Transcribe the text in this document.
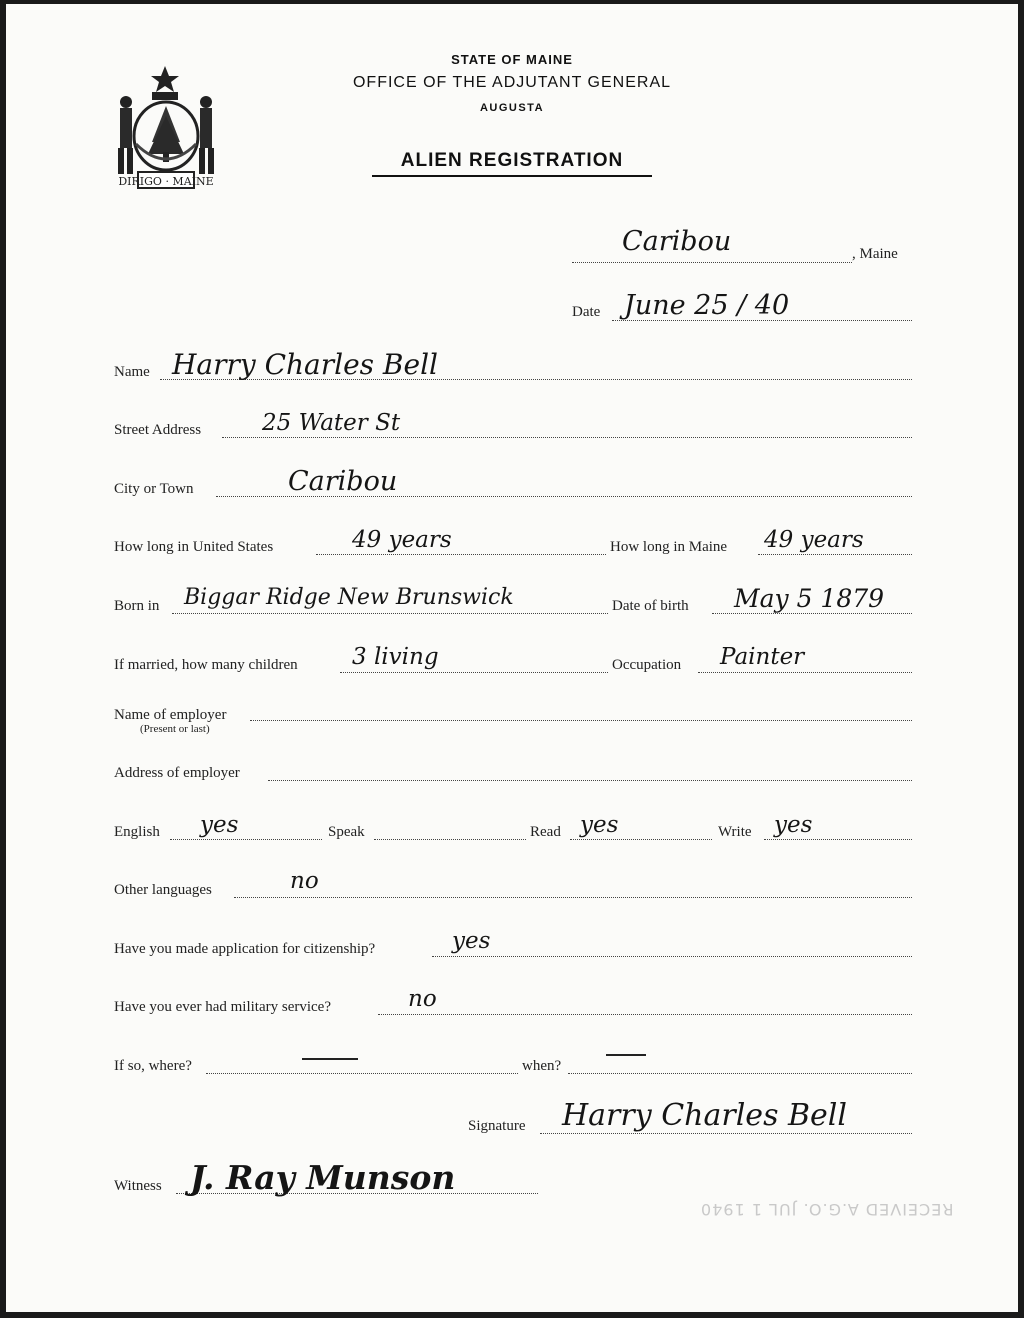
DIRIGO · MAINE
STATE OF MAINE
OFFICE OF THE ADJUTANT GENERAL
AUGUSTA
ALIEN REGISTRATION
Caribou	, Maine
Date June 25 / 40
Name Harry Charles Bell
Street Address	25 Water St
City or Town	Caribou
How long in United States	49 years	How long in Maine 49 years
Born in Biggar Ridge New Brunswick	Date of birth May 5 1879
If married, how many children 3 living	Occupation Painter
Name of employer
(Present or last)
Address of employer
English yes	Speak	Read yes	Write yes
Other languages	no
Have you made application for citizenship?	yes
Have you ever had military service?	no
If so, where?	when?
Signature Harry Charles Bell
Witness J. Ray Munson
RECEIVED A.G.O. JUL 1 1940
